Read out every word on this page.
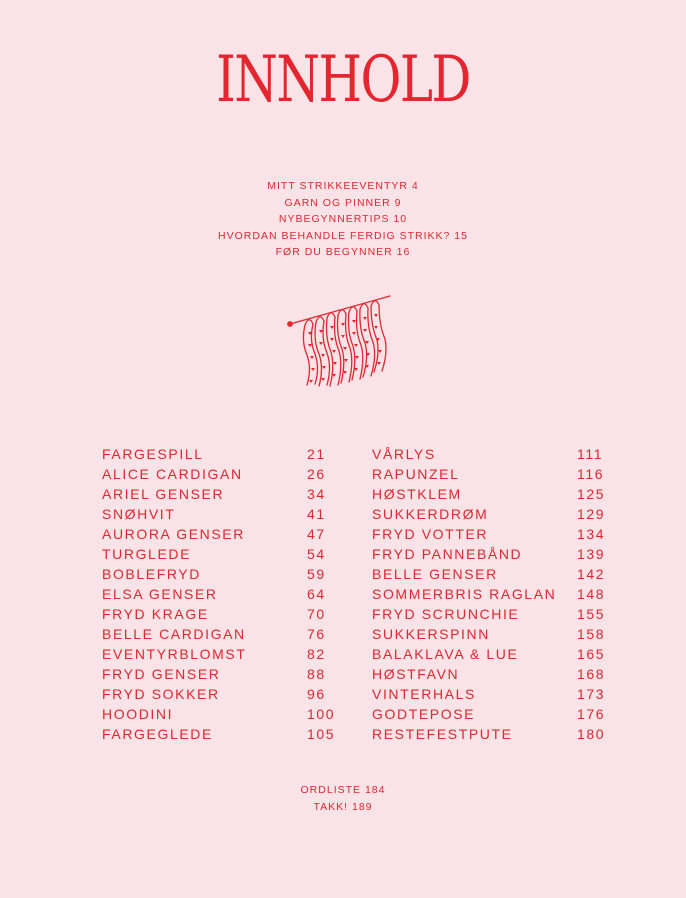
INNHOLD
MITT STRIKKEEVENTYR 4
GARN OG PINNER 9
NYBEGYNNERTIPS 10
HVORDAN BEHANDLE FERDIG STRIKK? 15
FØR DU BEGYNNER 16
FARGESPILL	21
ALICE CARDIGAN	26
ARIEL GENSER	34
SNØHVIT	41
AURORA GENSER	47
TURGLEDE	54
BOBLEFRYD	59
ELSA GENSER	64
FRYD KRAGE	70
BELLE CARDIGAN	76
EVENTYRBLOMST	82
FRYD GENSER	88
FRYD SOKKER	96
HOODINI	100
FARGEGLEDE	105
VÅRLYS	111
RAPUNZEL	116
HØSTKLEM	125
SUKKERDRØM	129
FRYD VOTTER	134
FRYD PANNEBÅND	139
BELLE GENSER	142
SOMMERBRIS RAGLAN 148
FRYD SCRUNCHIE	155
SUKKERSPINN	158
BALAKLAVA & LUE	165
HØSTFAVN	168
VINTERHALS	173
GODTEPOSE	176
RESTEFESTPUTE	180
ORDLISTE 184
TAKK! 189
